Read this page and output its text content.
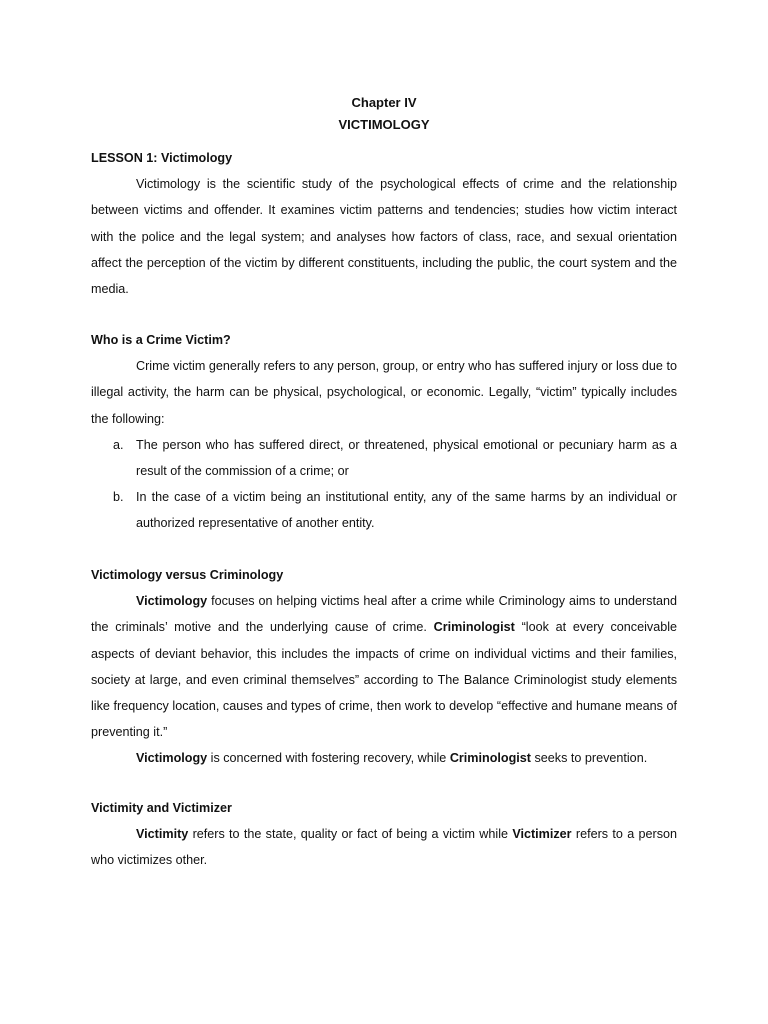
Chapter IV
VICTIMOLOGY
LESSON 1: Victimology

Victimology is the scientific study of the psychological effects of crime and the relationship between victims and offender. It examines victim patterns and tendencies; studies how victim interact with the police and the legal system; and analyses how factors of class, race, and sexual orientation affect the perception of the victim by different constituents, including the public, the court system and the media.

Who is a Crime Victim?

Crime victim generally refers to any person, group, or entry who has suffered injury or loss due to illegal activity, the harm can be physical, psychological, or economic. Legally, “victim” typically includes the following:

a. The person who has suffered direct, or threatened, physical emotional or pecuniary harm as a result of the commission of a crime; or
b. In the case of a victim being an institutional entity, any of the same harms by an individual or authorized representative of another entity.
Victimology versus Criminology

Victimology focuses on helping victims heal after a crime while Criminology aims to understand the criminals’ motive and the underlying cause of crime. Criminologist “look at every conceivable aspects of deviant behavior, this includes the impacts of crime on individual victims and their families, society at large, and even criminal themselves” according to The Balance Criminologist study elements like frequency location, causes and types of crime, then work to develop “effective and humane means of preventing it.”

Victimology is concerned with fostering recovery, while Criminologist seeks to prevention.

Victimity and Victimizer

Victimity refers to the state, quality or fact of being a victim while Victimizer refers to a person who victimizes other.
